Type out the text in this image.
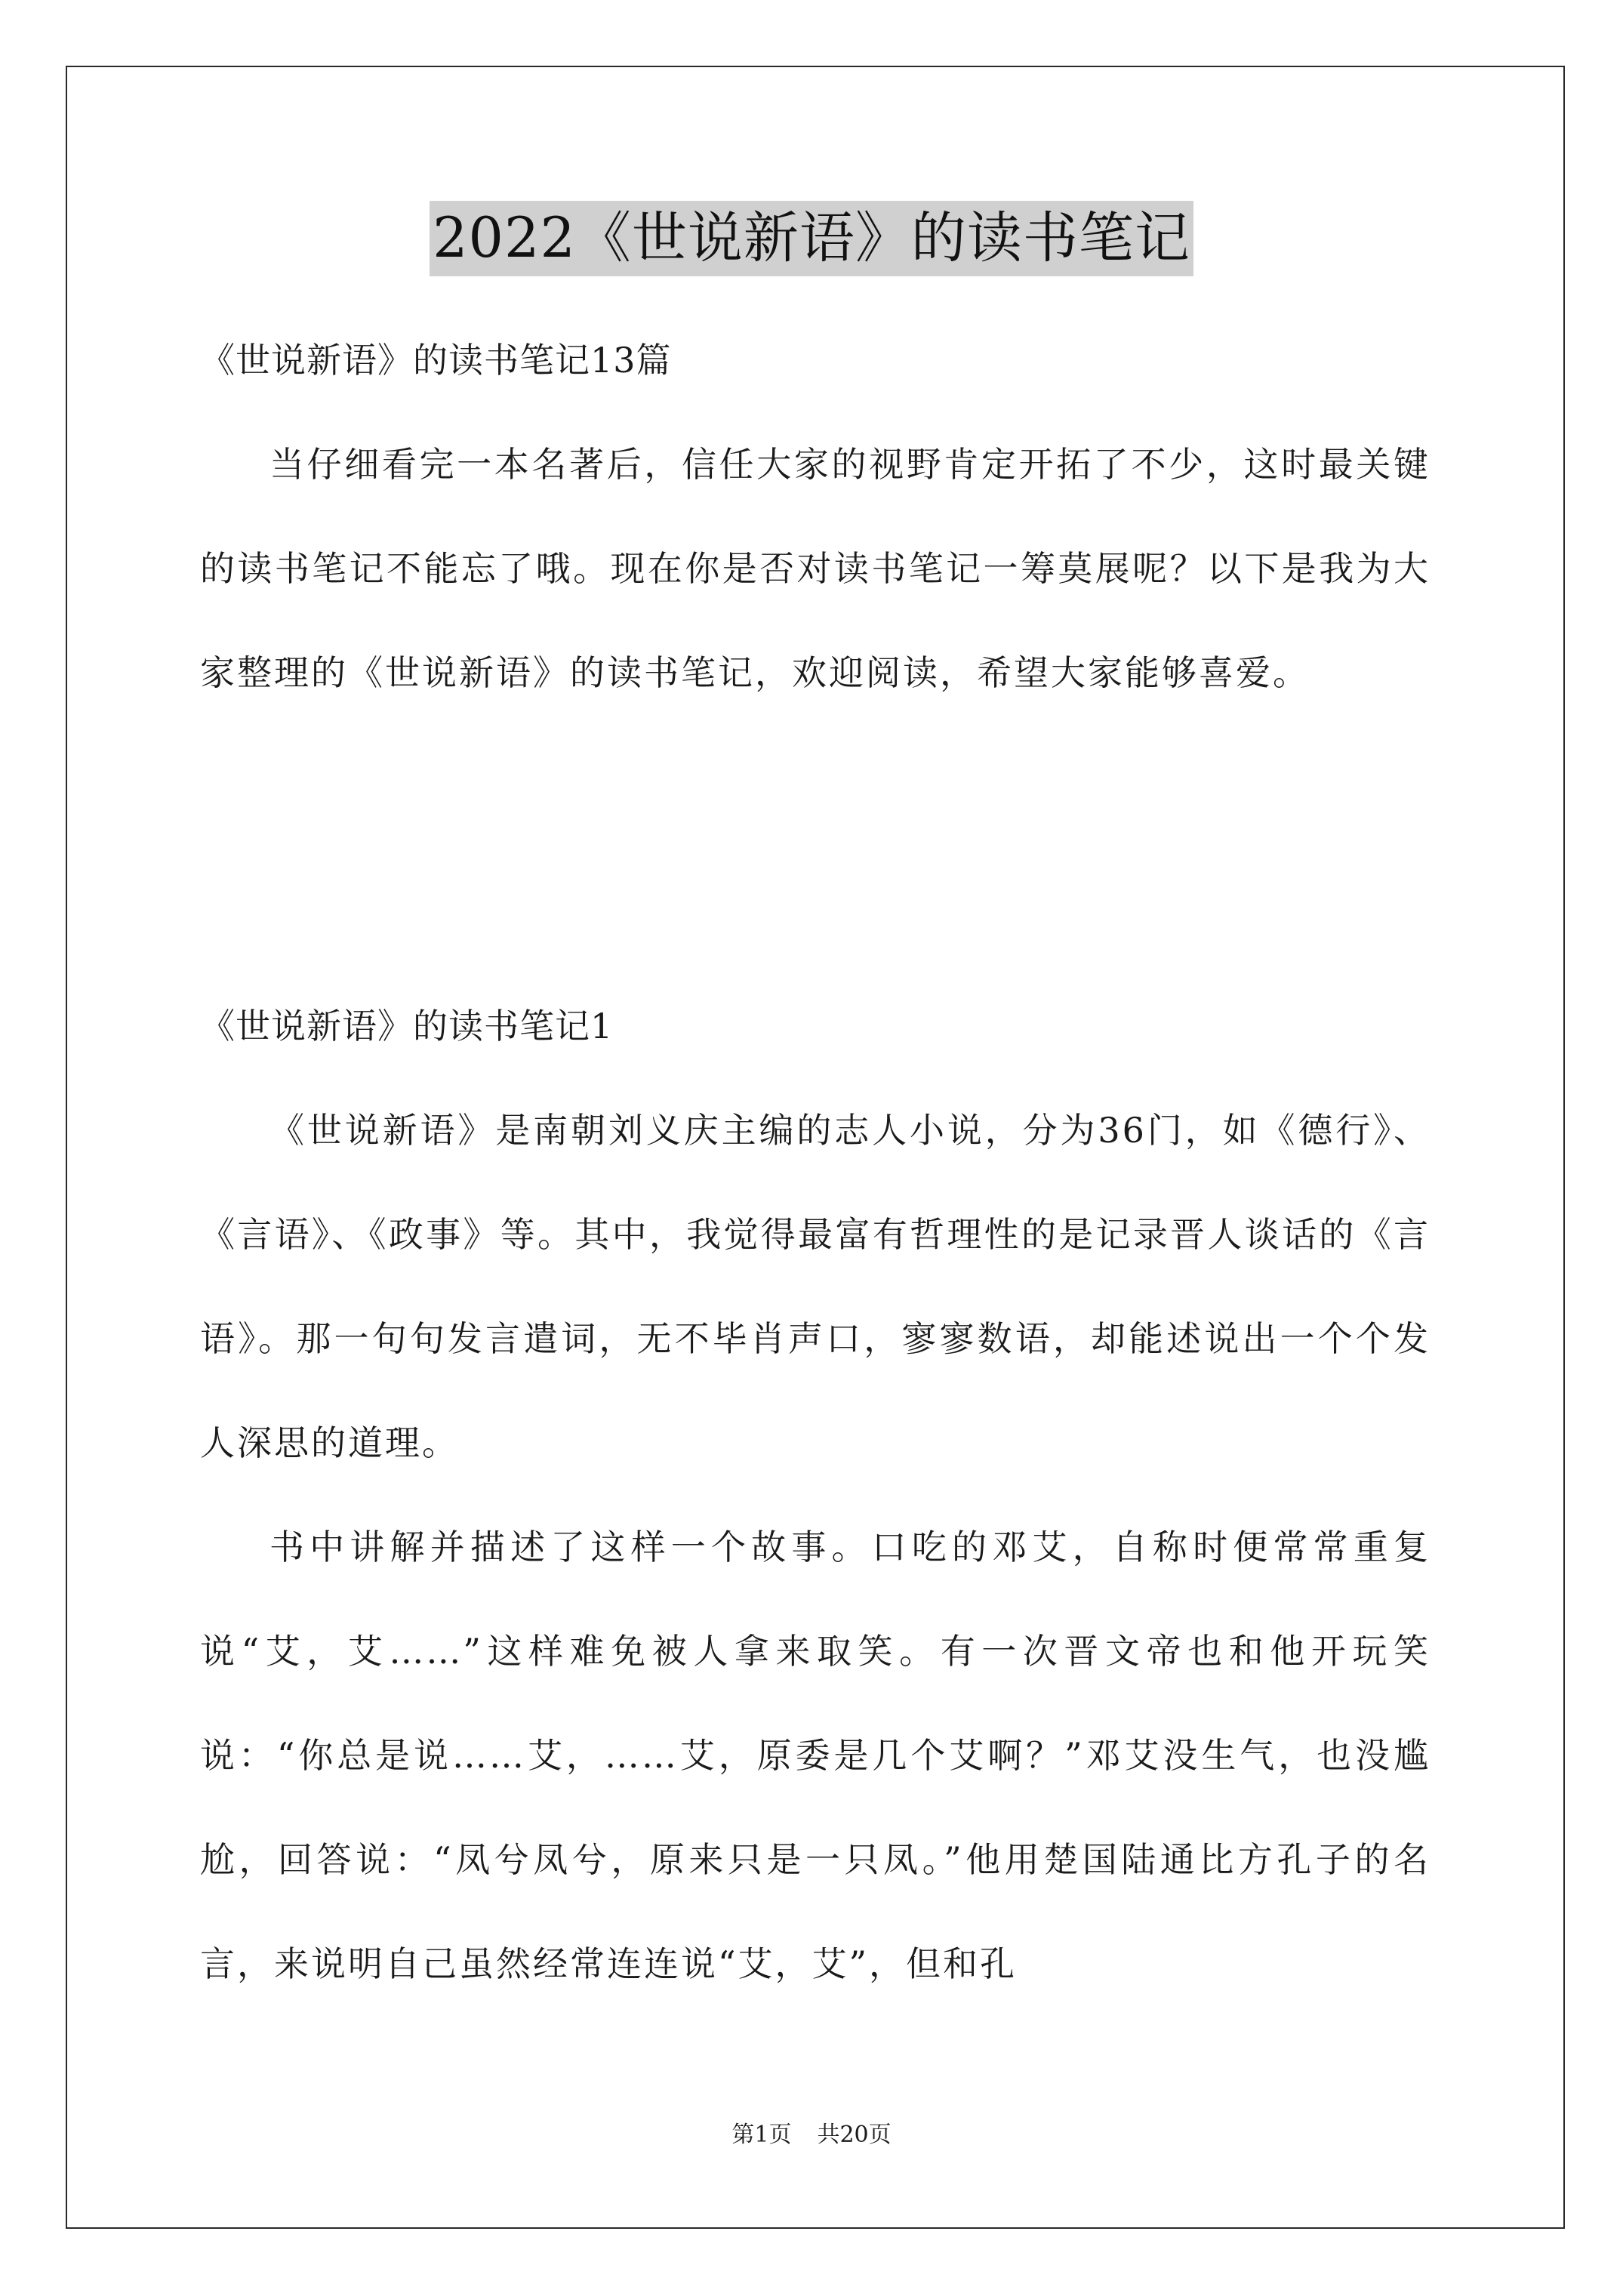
2022《世说新语》的读书笔记

《世说新语》的读书笔记13篇

当仔细看完一本名著后，信任大家的视野肯定开拓了不少，这时最关键的读书笔记不能忘了哦。现在你是否对读书笔记一筹莫展呢？以下是我为大家整理的《世说新语》的读书笔记，欢迎阅读，希望大家能够喜爱。

《世说新语》的读书笔记1

《世说新语》是南朝刘义庆主编的志人小说，分为36门，如《德行》、《言语》、《政事》等。其中，我觉得最富有哲理性的是记录晋人谈话的《言语》。那一句句发言遣词，无不毕肖声口，寥寥数语，却能述说出一个个发人深思的道理。

书中讲解并描述了这样一个故事。口吃的邓艾，自称时便常常重复说“艾，艾……”这样难免被人拿来取笑。有一次晋文帝也和他开玩笑说：“你总是说……艾，……艾，原委是几个艾啊？”邓艾没生气，也没尴尬，回答说：“凤兮凤兮，原来只是一只凤。”他用楚国陆通比方孔子的名言，来说明自己虽然经常连连说“艾，艾”，但和孔

第1页 共20页
